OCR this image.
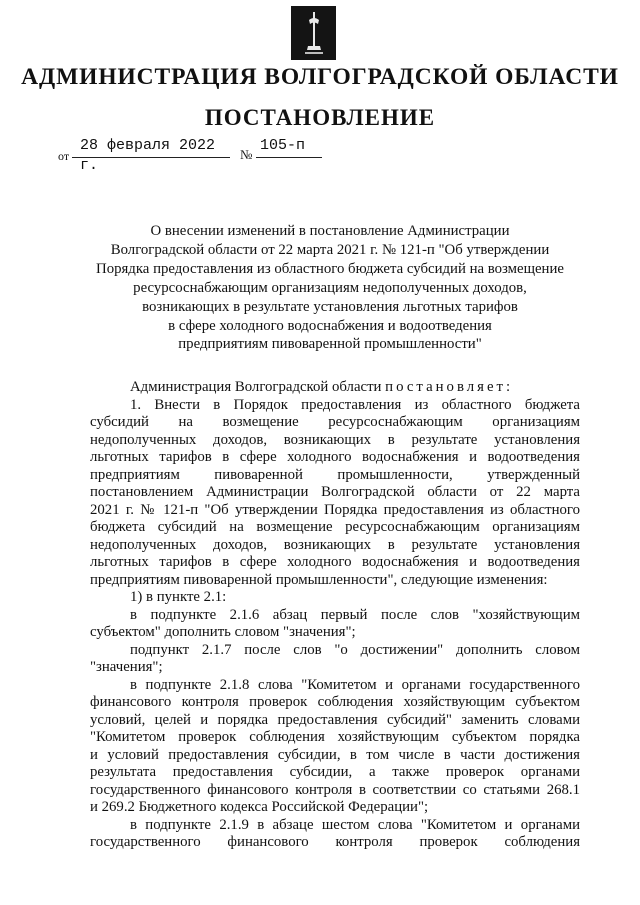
АДМИНИСТРАЦИЯ ВОЛГОГРАДСКОЙ ОБЛАСТИ
ПОСТАНОВЛЕНИЕ
от
28 февраля 2022 г.
№
105-п
О внесении изменений в постановление Администрации
Волгоградской области от 22 марта 2021 г. № 121-п "Об утверждении
Порядка предоставления из областного бюджета субсидий на возмещение
ресурсоснабжающим организациям недополученных доходов,
возникающих в результате установления льготных тарифов
в сфере холодного водоснабжения и водоотведения
предприятиям пивоваренной промышленности"
Администрация Волгоградской области постановляет:
1. Внести в Порядок предоставления из областного бюджета
субсидий на возмещение ресурсоснабжающим организациям
недополученных доходов, возникающих в результате установления
льготных тарифов в сфере холодного водоснабжения и водоотведения
предприятиям пивоваренной промышленности, утвержденный
постановлением Администрации Волгоградской области от 22 марта
2021 г. № 121-п "Об утверждении Порядка предоставления из областного
бюджета субсидий на возмещение ресурсоснабжающим организациям
недополученных доходов, возникающих в результате установления
льготных тарифов в сфере холодного водоснабжения и водоотведения
предприятиям пивоваренной промышленности", следующие изменения:
1) в пункте 2.1:
в подпункте 2.1.6 абзац первый после слов "хозяйствующим
субъектом" дополнить словом "значения";
подпункт 2.1.7 после слов "о достижении" дополнить словом
"значения";
в подпункте 2.1.8 слова "Комитетом и органами государственного
финансового контроля проверок соблюдения хозяйствующим субъектом
условий, целей и порядка предоставления субсидий" заменить словами
"Комитетом проверок соблюдения хозяйствующим субъектом порядка
и условий предоставления субсидии, в том числе в части достижения
результата предоставления субсидии, а также проверок органами
государственного финансового контроля в соответствии со статьями 268.1
и 269.2 Бюджетного кодекса Российской Федерации";
в подпункте 2.1.9 в абзаце шестом слова "Комитетом и органами
государственного финансового контроля проверок соблюдения
